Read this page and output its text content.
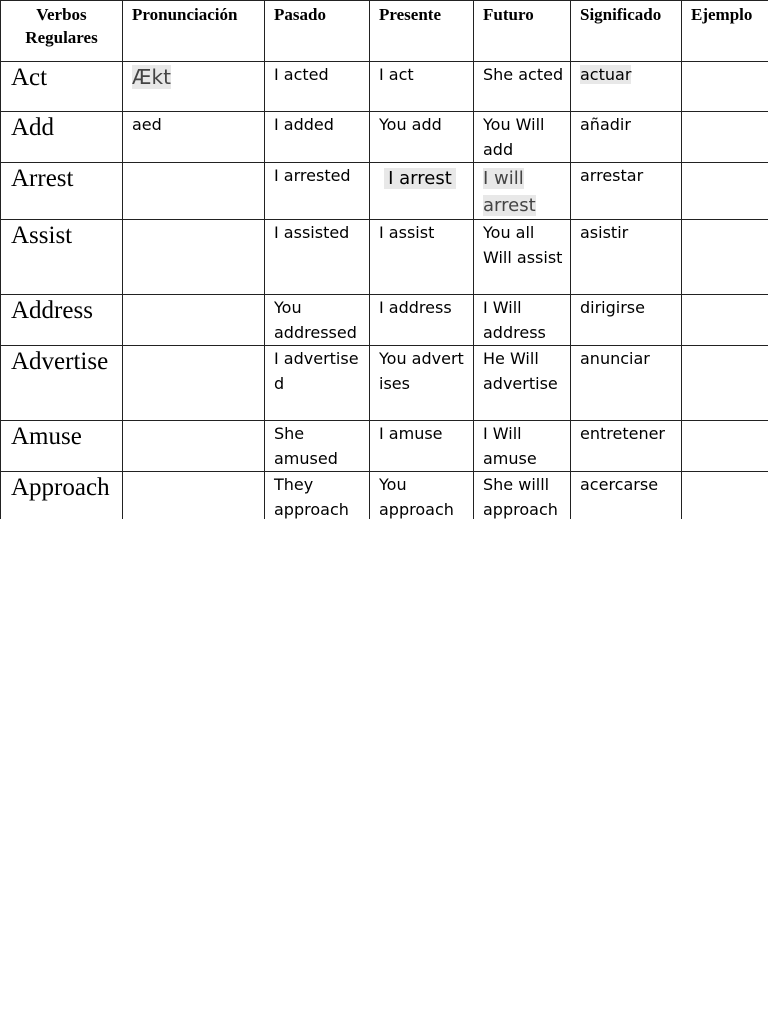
Verbos Regulares	Pronunciación	Pasado	Presente	Futuro	Significado	Ejemplo
Act	Ækt	I acted	I act	She acted	actuar	
Add	aed	I added	You add	You Will add	añadir	
Arrest		I arrested	I arrest	I will arrest	arrestar	
Assist		I assisted	I assist	You all Will assist	asistir	
Address		You addressed	I address	I Will address	dirigirse	
Advertise		I advertised	You advertises	He Will advertise	anunciar	
Amuse		She amused	I amuse	I Will amuse	entretener	
Approach		They approach	You approach	She willl approach	acercarse	
